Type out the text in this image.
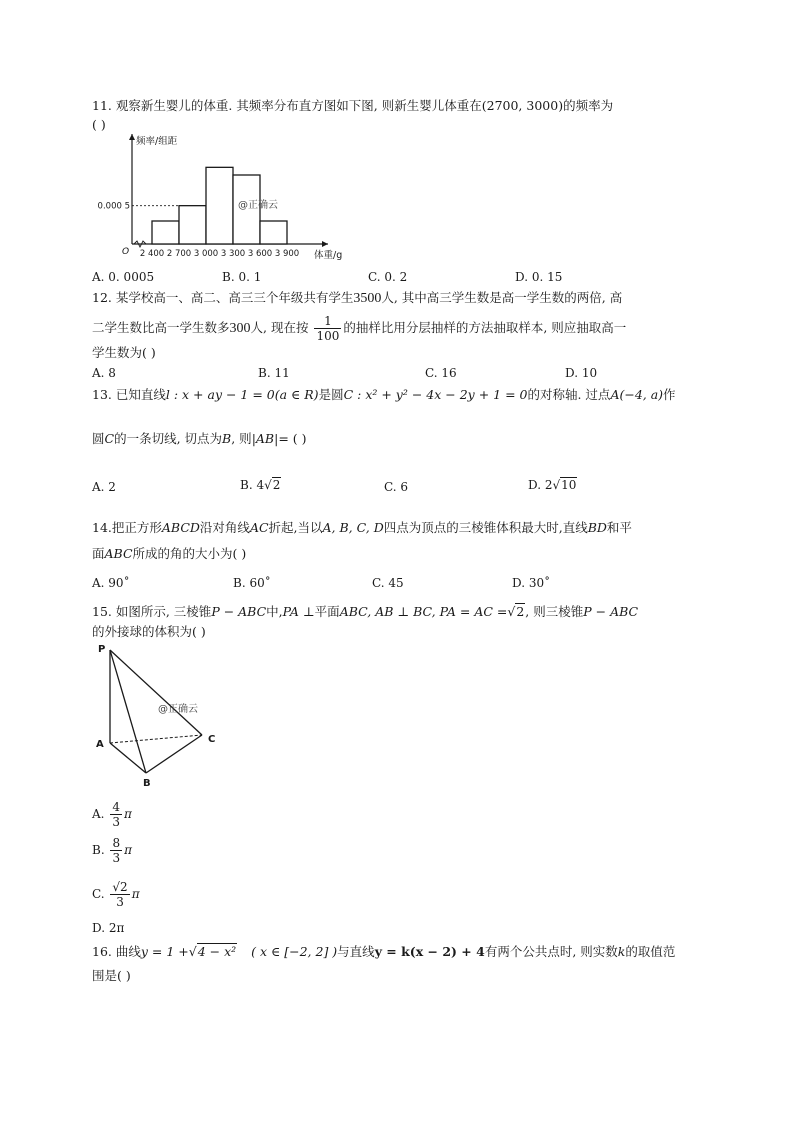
11. 观察新生婴儿的体重. 其频率分布直方图如下图, 则新生婴儿体重在(2700, 3000)的频率为
( )
0.000 5
2 400 2 700 3 000 3 300 3 600 3 900
频率/组距
体重/g
O
@正确云
A. 0. 0005	B. 0. 1	C. 0. 2	D. 0. 15
12. 某学校高一、高二、高三三个年级共有学生3500人, 其中高三学生数是高一学生数的两倍, 高
二学生数比高一学生数多300人, 现在按 $\frac{1}{100}$ 的抽样比用分层抽样的方法抽取样本, 则应抽取高一
学生数为( )
A. 8	B. 11	C. 16	D. 10
13. 已知直线l : x + ay − 1 = 0(a ∈ R)是圆C : x² + y² − 4x − 2y + 1 = 0的对称轴. 过点A(−4, a)作
圆C的一条切线, 切点为B, 则|AB|= ( )
A. 2	B. 4√2	C. 6	D. 2√10
14.把正方形ABCD沿对角线AC折起,当以A, B, C, D四点为顶点的三棱锥体积最大时,直线BD和平
面ABC所成的角的大小为( )
A. 90˚	B. 60˚	C. 45	D. 30˚
15. 如图所示, 三棱锥P − ABC中,PA ⊥平面ABC, AB ⊥ BC, PA = AC =√2, 则三棱锥P − ABC
的外接球的体积为( )
P
A
B
C
@正确云
A. $\frac{4}{3}$ π
B. $\frac{8}{3}$ π
C. $\frac{√2}{3}$ π
D. 2π
16. 曲线y = 1 +√4 − x² ( x ∈ [−2, 2] )与直线y = k(x − 2) + 4有两个公共点时, 则实数k的取值范
围是( )
